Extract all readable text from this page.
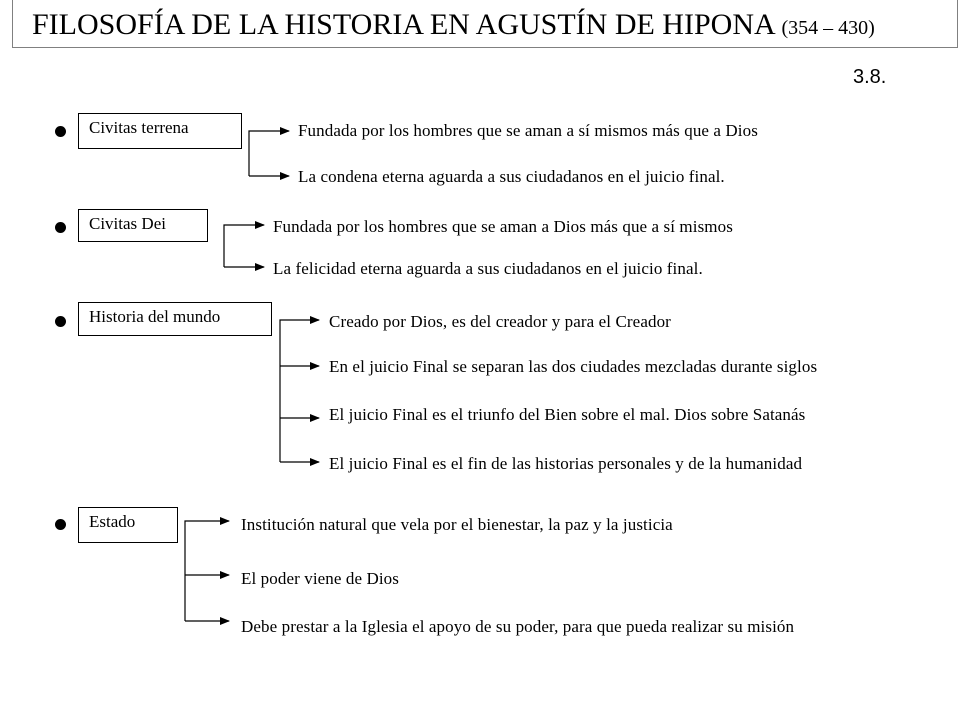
FILOSOFÍA DE LA HISTORIA EN AGUSTÍN DE HIPONA (354 – 430)
3.8.
Civitas terrena	Fundada por los hombres que se aman a sí mismos más que a Dios
La condena eterna aguarda a sus ciudadanos en el juicio final.
Civitas Dei	Fundada por los hombres que se aman a Dios más que a sí mismos
La felicidad eterna aguarda a sus ciudadanos en el juicio final.
Historia del mundo	Creado por Dios, es del creador y para el Creador
En el juicio Final se separan las dos ciudades mezcladas durante siglos
El juicio Final es el triunfo del Bien sobre el mal. Dios sobre Satanás
El juicio Final es el fin de las historias personales y de la humanidad
Estado	Institución natural que vela por el bienestar, la paz y la justicia
El poder viene de Dios
Debe prestar a la Iglesia el apoyo de su poder, para que pueda realizar su misión
